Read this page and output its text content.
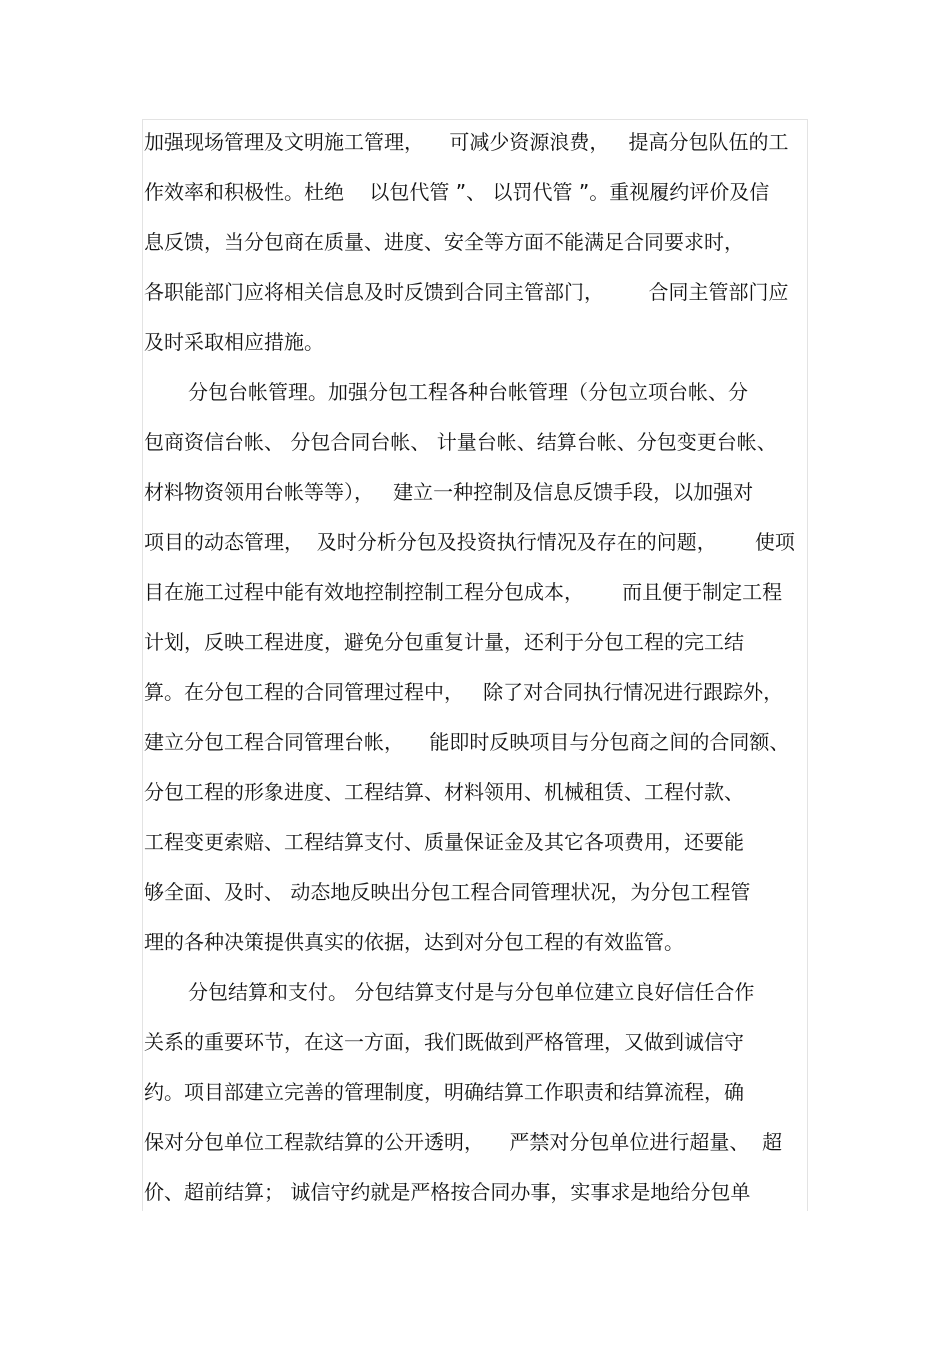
加强现场管理及文明施工管理，    可减少资源浪费，   提高分包队伍的工
作效率和积极性。杜绝    以包代管 ”、 以罚代管 ”。重视履约评价及信
息反馈，当分包商在质量、进度、安全等方面不能满足合同要求时，
各职能部门应将相关信息及时反馈到合同主管部门，       合同主管部门应
及时采取相应措施。
分包台帐管理。加强分包工程各种台帐管理（分包立项台帐、分
包商资信台帐、 分包合同台帐、 计量台帐、结算台帐、分包变更台帐、
材料物资领用台帐等等），   建立一种控制及信息反馈手段，以加强对
项目的动态管理，  及时分析分包及投资执行情况及存在的问题，      使项
目在施工过程中能有效地控制控制工程分包成本，      而且便于制定工程
计划，反映工程进度，避免分包重复计量，还利于分包工程的完工结
算。在分包工程的合同管理过程中，   除了对合同执行情况进行跟踪外，
建立分包工程合同管理台帐，    能即时反映项目与分包商之间的合同额、
分包工程的形象进度、工程结算、材料领用、机械租赁、工程付款、
工程变更索赔、工程结算支付、质量保证金及其它各项费用，还要能
够全面、及时、 动态地反映出分包工程合同管理状况，为分包工程管
理的各种决策提供真实的依据，达到对分包工程的有效监管。
分包结算和支付。 分包结算支付是与分包单位建立良好信任合作
关系的重要环节，在这一方面，我们既做到严格管理，又做到诚信守
约。项目部建立完善的管理制度，明确结算工作职责和结算流程，确
保对分包单位工程款结算的公开透明，    严禁对分包单位进行超量、  超
价、超前结算； 诚信守约就是严格按合同办事，实事求是地给分包单
